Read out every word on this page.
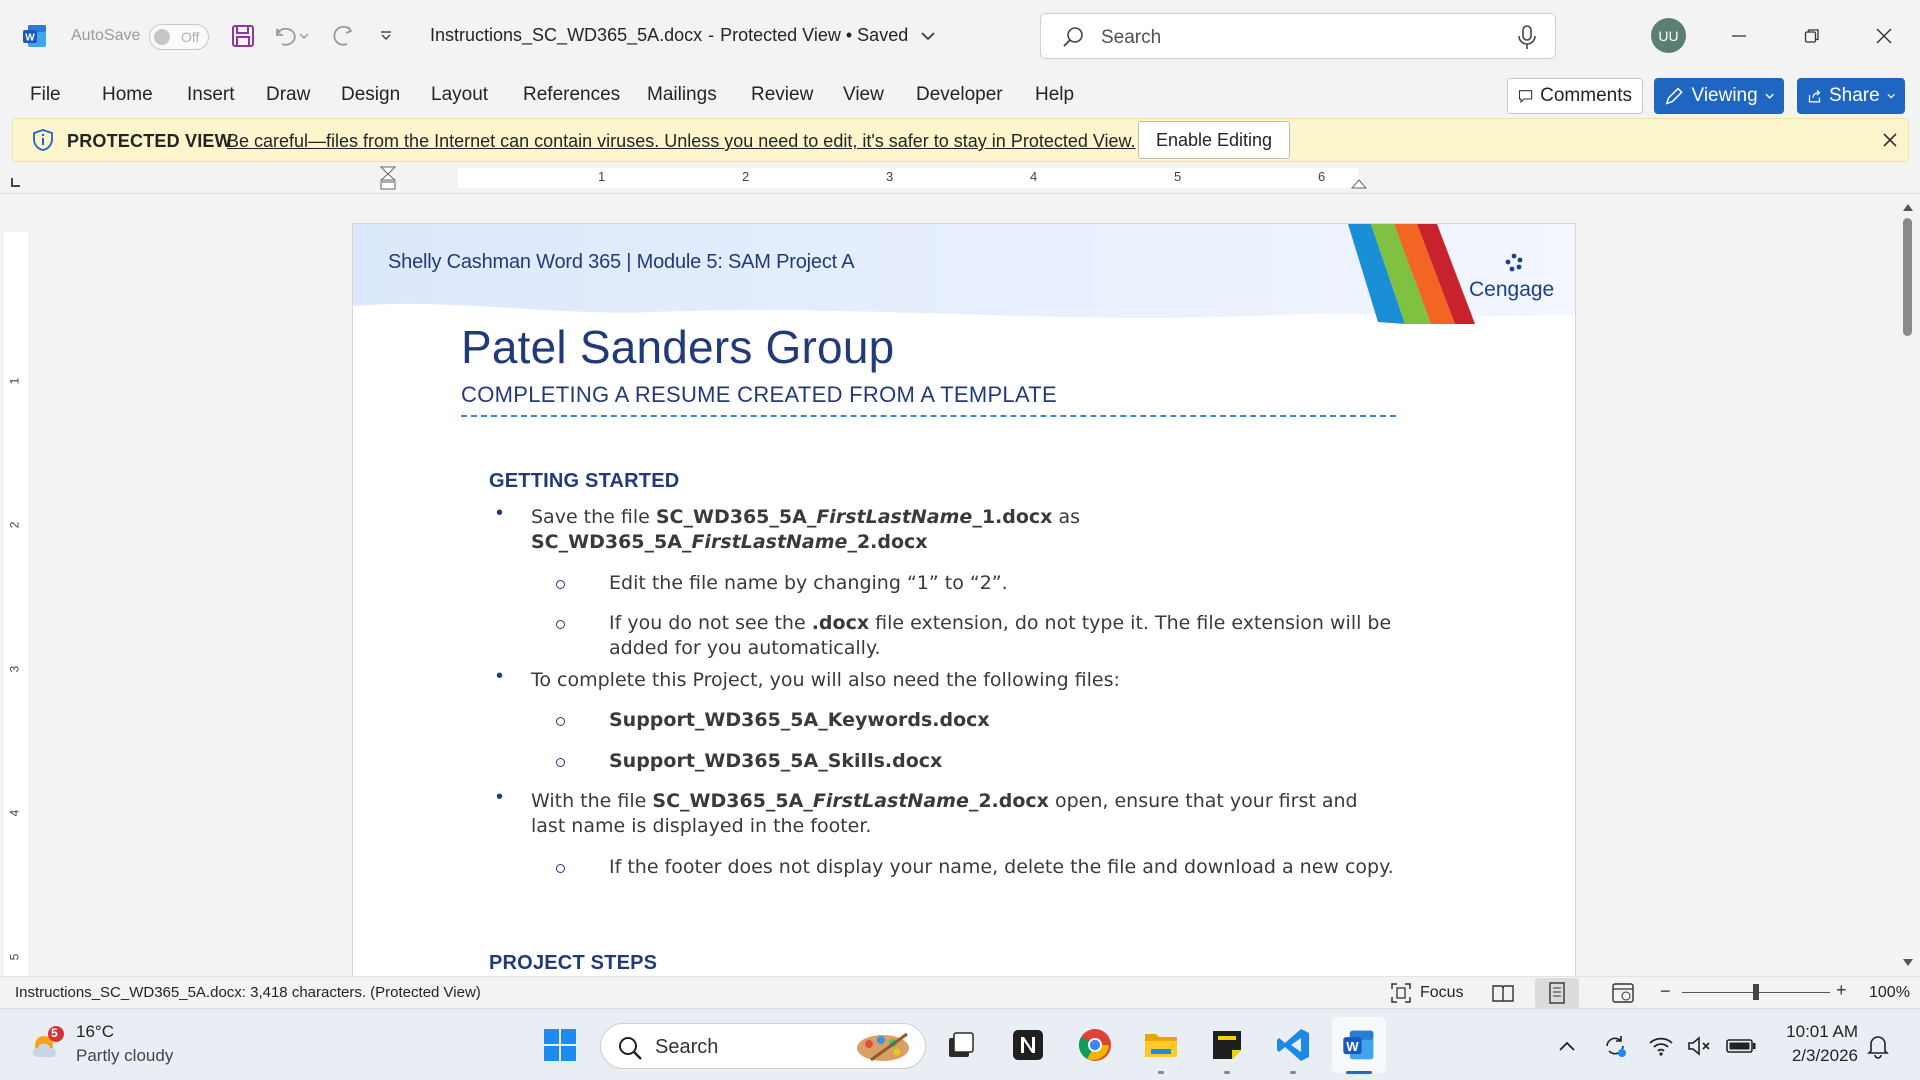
W AutoSave	Off	Instructions_SC_WD365_5A.docx - Protected View • Saved	Search	UU
File Home Insert Draw Design Layout References Mailings Review View Developer Help	Comments	Viewing	Share
PROTECTED VIEW
Be careful—files from the Internet can contain viruses. Unless you need to edit, it's safer to stay in Protected View.	Enable Editing
1	2	3	4	5	6
1
2
3
4
5
Shelly Cashman Word 365 | Module 5: SAM Project A
Cengage
Patel Sanders Group
COMPLETING A RESUME CREATED FROM A TEMPLATE
GETTING STARTED
• Save the file SC_WD365_5A_FirstLastName_1.docx as
SC_WD365_5A_FirstLastName_2.docx
Edit the file name by changing “1” to “2”.
If you do not see the .docx file extension, do not type it. The file extension will be
added for you automatically.
• To complete this Project, you will also need the following files:
Support_WD365_5A_Keywords.docx
Support_WD365_5A_Skills.docx
• With the file SC_WD365_5A_FirstLastName_2.docx open, ensure that your first and
last name is displayed in the footer.
If the footer does not display your name, delete the file and download a new copy.
PROJECT STEPS
Instructions_SC_WD365_5A.docx: 3,418 characters. (Protected View)	Focus	−	+ 100%
5 16°C
Partly cloudy	Search	W
10:01 AM
2/3/2026
